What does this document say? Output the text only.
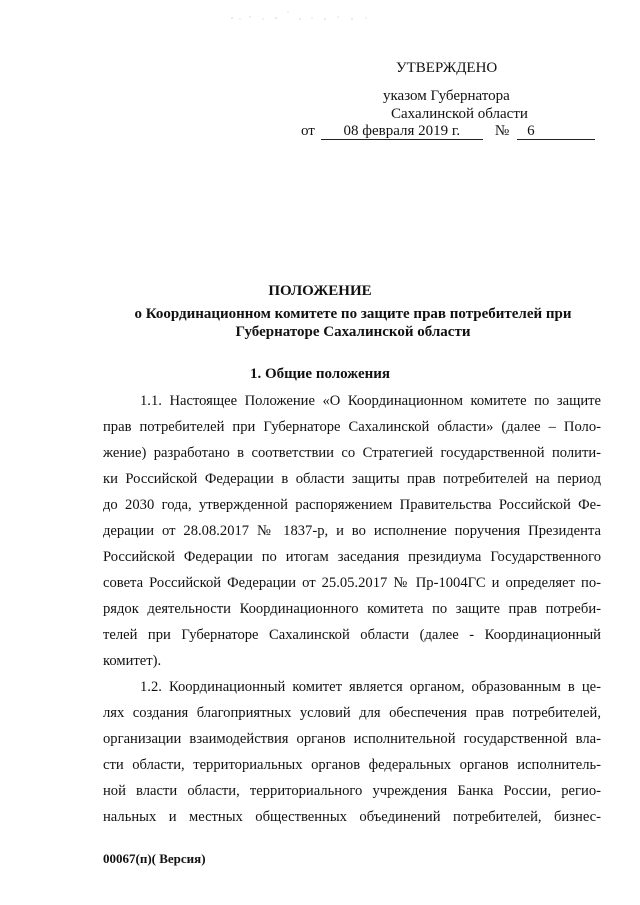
УТВЕРЖДЕНО
указом Губернатора
Сахалинской области
от 08 февраля 2019 г. № 6
ПОЛОЖЕНИЕ
о Координационном комитете по защите прав потребителей при Губернаторе Сахалинской области
1. Общие положения
1.1. Настоящее Положение «О Координационном комитете по защите
прав потребителей при Губернаторе Сахалинской области» (далее – Поло-
жение) разработано в соответствии со Стратегией государственной полити-
ки Российской Федерации в области защиты прав потребителей на период
до 2030 года, утвержденной распоряжением Правительства Российской Фе-
дерации от 28.08.2017 № 1837-р, и во исполнение поручения Президента
Российской Федерации по итогам заседания президиума Государственного
совета Российской Федерации от 25.05.2017 № Пр-1004ГС и определяет по-
рядок деятельности Координационного комитета по защите прав потреби-
телей при Губернаторе Сахалинской области (далее - Координационный
комитет).
1.2. Координационный комитет является органом, образованным в це-
лях создания благоприятных условий для обеспечения прав потребителей,
организации взаимодействия органов исполнительной государственной вла-
сти области, территориальных органов федеральных органов исполнитель-
ной власти области, территориального учреждения Банка России, регио-
нальных и местных общественных объединений потребителей, бизнес-
00067(п)( Версия)
